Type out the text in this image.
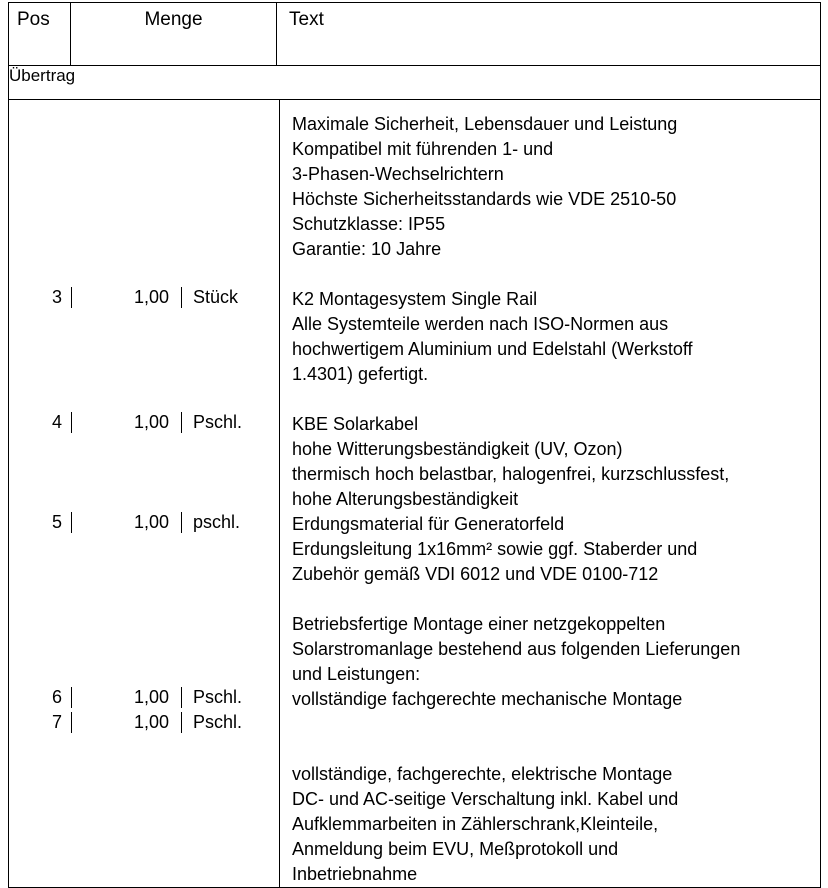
Pos	Menge	Text
Übertrag

Maximale Sicherheit, Lebensdauer und Leistung
Kompatibel mit führenden 1- und
3-Phasen-Wechselrichtern
Höchste Sicherheitsstandards wie VDE 2510-50
Schutzklasse: IP55
Garantie: 10 Jahre
3	1,00	Stück	K2 Montagesystem Single Rail
Alle Systemteile werden nach ISO-Normen aus
hochwertigem Aluminium und Edelstahl (Werkstoff
1.4301) gefertigt.
4	1,00	Pschl.	KBE Solarkabel
hohe Witterungsbeständigkeit (UV, Ozon)
thermisch hoch belastbar, halogenfrei, kurzschlussfest,
hohe Alterungsbeständigkeit
5	1,00	pschl.	Erdungsmaterial für Generatorfeld
Erdungsleitung 1x16mm² sowie ggf. Staberder und
Zubehör gemäß VDI 6012 und VDE 0100-712
Betriebsfertige Montage einer netzgekoppelten
Solarstromanlage bestehend aus folgenden Lieferungen
und Leistungen:
6	1,00	Pschl.	vollständige fachgerechte mechanische Montage
7	1,00	Pschl.

vollständige, fachgerechte, elektrische Montage
DC- und AC-seitige Verschaltung inkl. Kabel und
Aufklemmarbeiten in Zählerschrank,Kleinteile,
Anmeldung beim EVU, Meßprotokoll und
Inbetriebnahme
